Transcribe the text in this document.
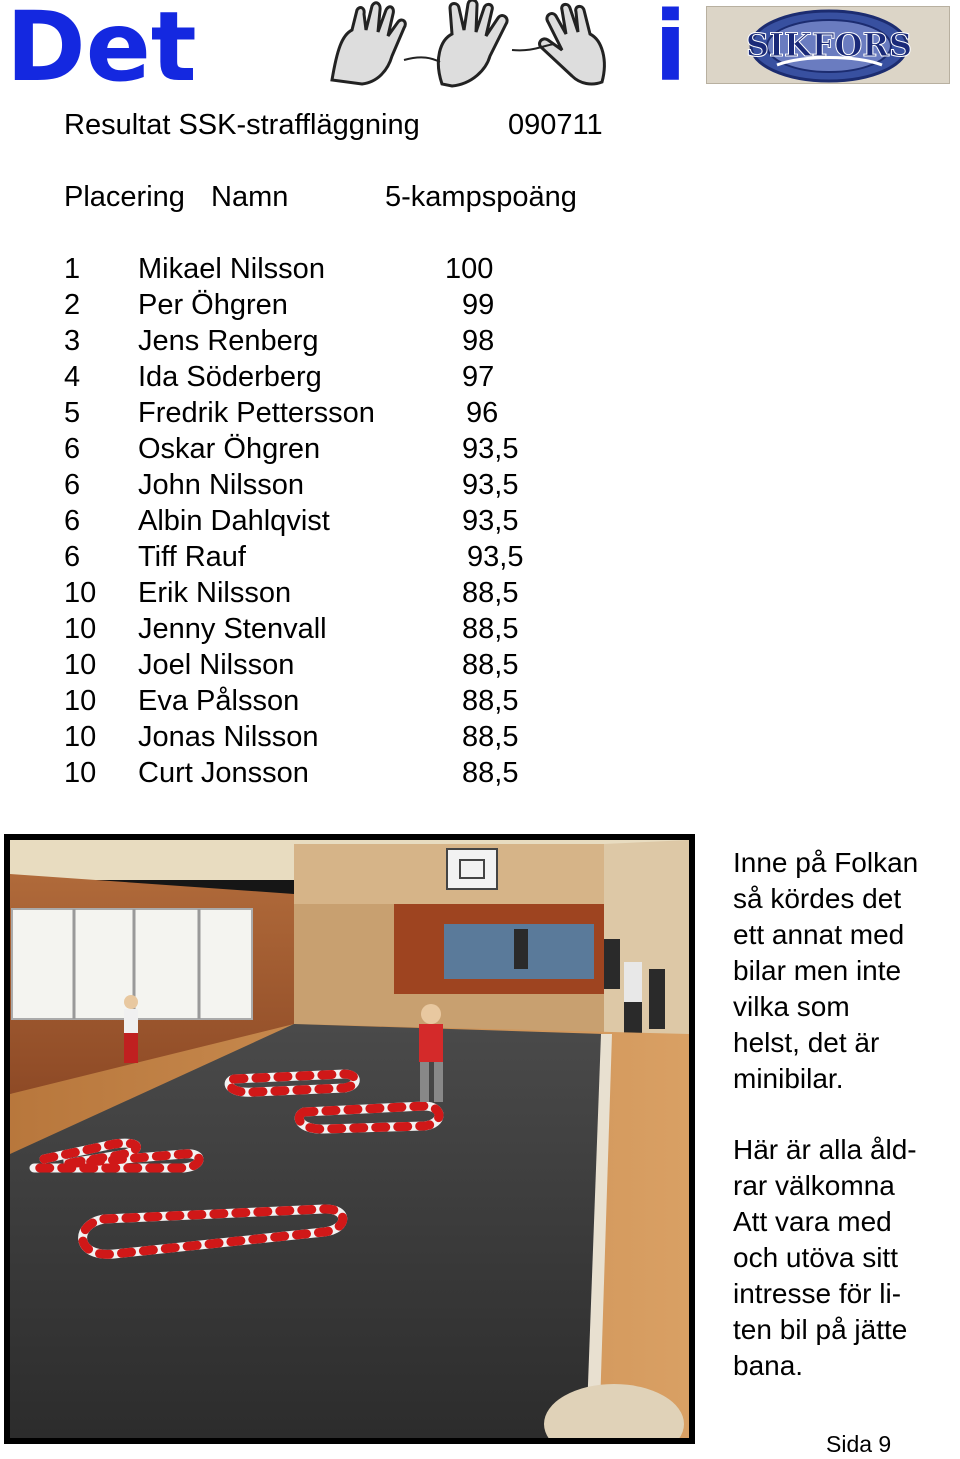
Det	i SIKFORS
Resultat SSK-straffläggning	090711
Placering Namn	5-kampspoäng
1 Mikael Nilsson	100
2 Per Öhgren	99
3 Jens Renberg	98
4 Ida Söderberg	97
5 Fredrik Pettersson	96
6 Oskar Öhgren	93,5
6 John Nilsson	93,5
6 Albin Dahlqvist	93,5
6 Tiff Rauf	93,5
10 Erik Nilsson	88,5
10 Jenny Stenvall	88,5
10 Joel Nilsson	88,5
10 Eva Pålsson	88,5
10 Jonas Nilsson	88,5
10 Curt Jonsson	88,5
Inne på Folkan
så kördes det
ett annat med
bilar men inte
vilka som
helst, det är
minibilar.
Här är alla åld-
rar välkomna
Att vara med
och utöva sitt
intresse för li-
ten bil på jätte
bana.
Sida 9
